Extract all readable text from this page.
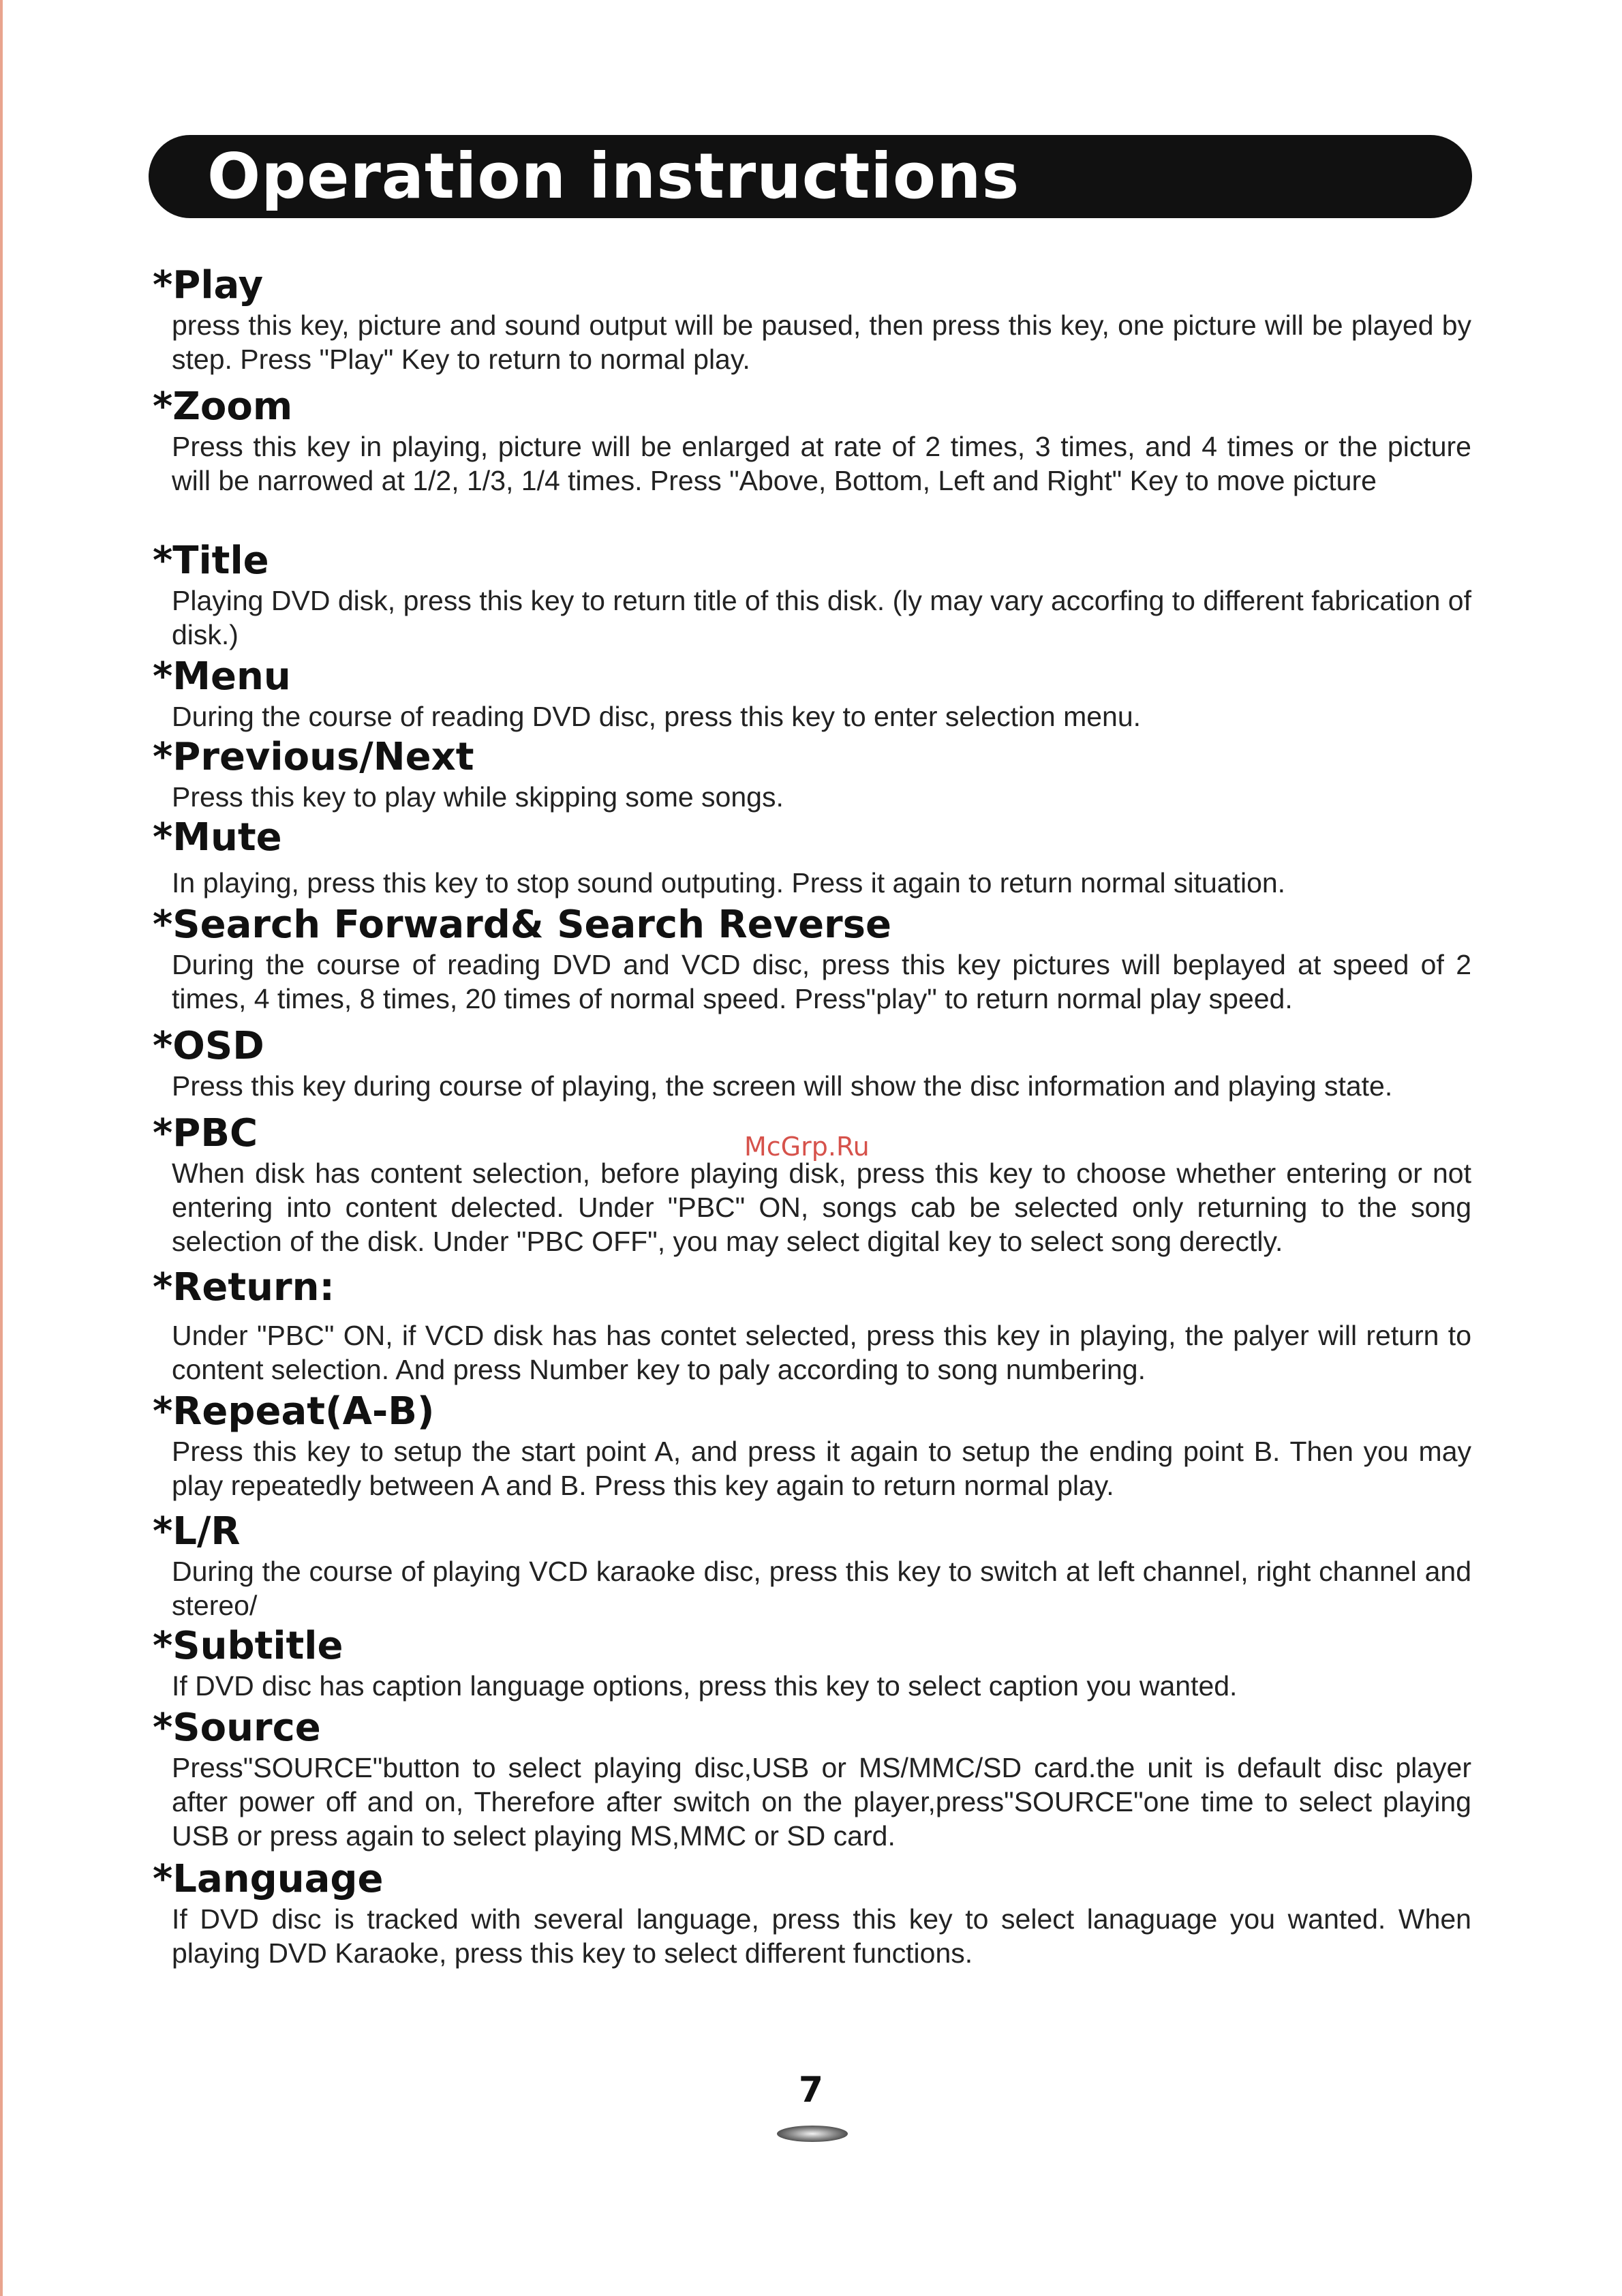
Operation instructions
*Play
press this key, picture and sound output will be paused, then press this key, one picture will be played by step. Press "Play" Key to return to normal play.
*Zoom
Press this key in playing, picture will be enlarged at rate of 2 times, 3 times, and 4 times or the picture will be narrowed at 1/2, 1/3, 1/4 times. Press "Above, Bottom, Left and Right" Key to move picture
*Title
Playing DVD disk, press this key to return title of this disk. (ly may vary accorfing to different fabrication of disk.)
*Menu
During the course of reading DVD disc, press this key to enter selection menu.
*Previous/Next
Press this key to play while skipping some songs.
*Mute
In playing, press this key to stop sound outputing. Press it again to return normal situation.
*Search Forward& Search Reverse
During the course of reading DVD and VCD disc, press this key pictures will beplayed at speed of 2 times, 4 times, 8 times, 20 times of normal speed. Press"play" to return normal play speed.
*OSD
Press this key during course of playing, the screen will show the disc information and playing state.
*PBC
When disk has content selection, before playing disk, press this key to choose whether entering or not entering into content delected. Under "PBC" ON, songs cab be selected only returning to the song selection of the disk. Under "PBC OFF", you may select digital key to select song derectly.
*Return:
Under "PBC" ON, if VCD disk has has contet selected, press this key in playing, the palyer will return to content selection. And press Number key to paly according to song numbering.
*Repeat(A-B)
Press this key to setup the start point A, and press it again to setup the ending point B. Then you may play repeatedly between A and B. Press this key again to return normal play.
*L/R
During the course of playing VCD karaoke disc, press this key to switch at left channel, right channel and stereo/
*Subtitle
If DVD disc has caption language options, press this key to select caption you wanted.
*Source
Press"SOURCE"button to select playing disc,USB or MS/MMC/SD card.the unit is default disc player after power off and on, Therefore after switch on the player,press"SOURCE"one time to select playing USB or press again to select playing MS,MMC or SD card.
*Language
If DVD disc is tracked with several language, press this key to select lanaguage you wanted. When playing DVD Karaoke, press this key to select different functions.
McGrp.Ru
7
